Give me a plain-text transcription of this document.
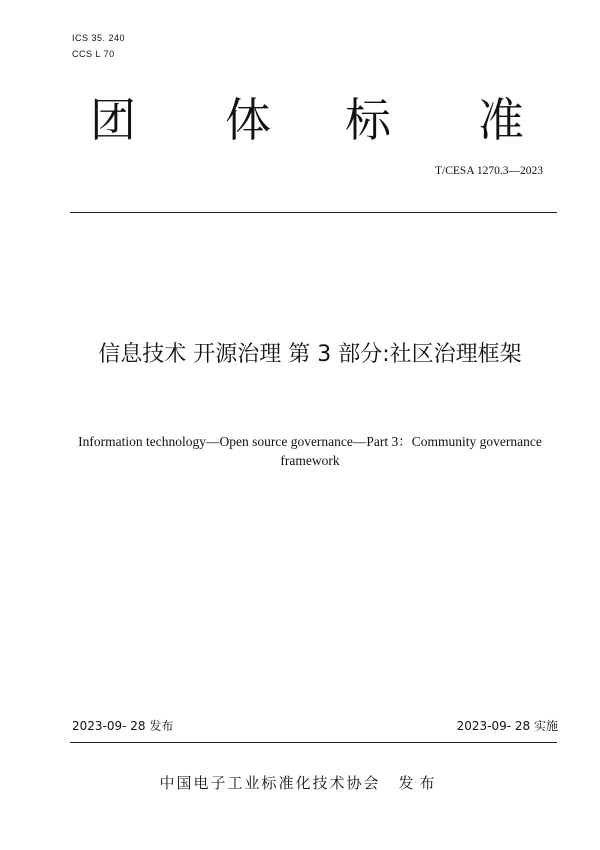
ICS 35. 240
CCS L 70
团 体 标 准
T/CESA 1270.3—2023
信息技术 开源治理 第 3 部分:社区治理框架
Information technology—Open source governance—Part 3：Community governance framework
2023-09- 28 发布	2023-09- 28 实施
中国电子工业标准化技术协会 发布
